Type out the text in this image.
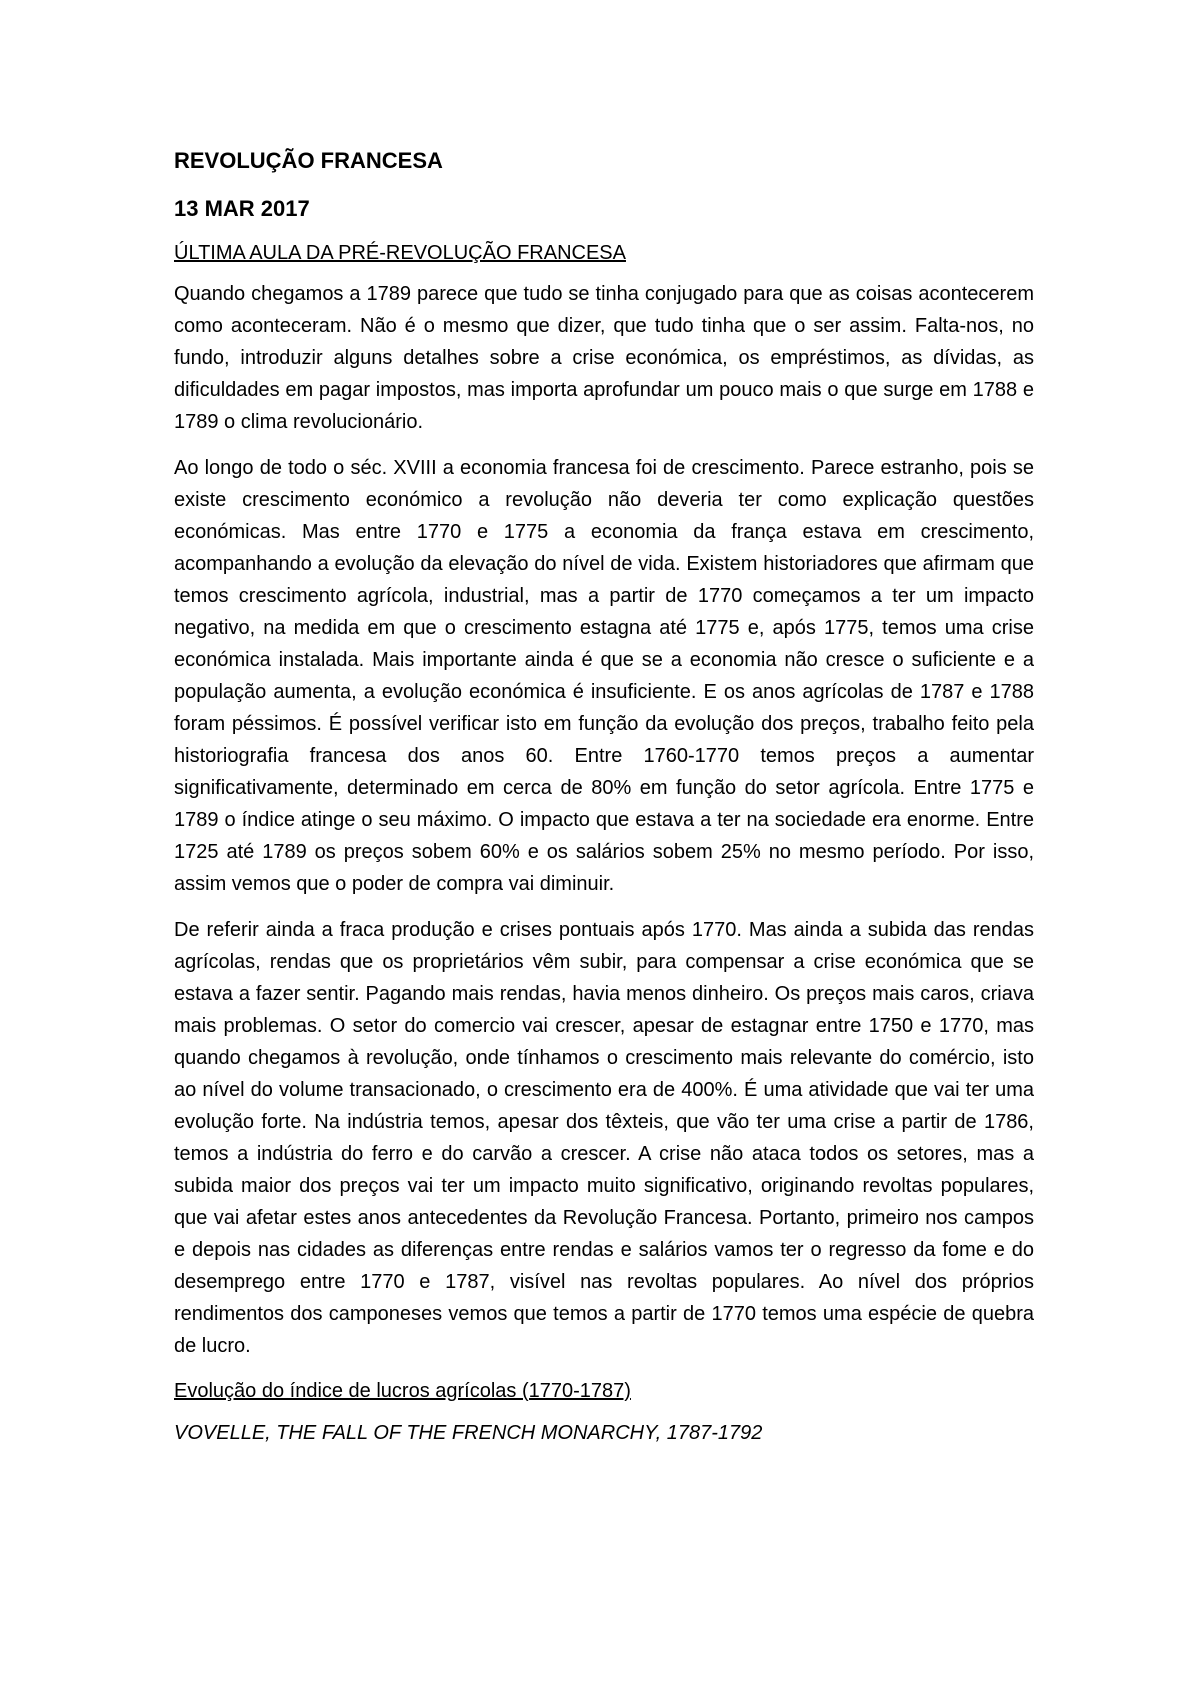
REVOLUÇÃO FRANCESA

13 MAR 2017

ÚLTIMA AULA DA PRÉ-REVOLUÇÃO FRANCESA

Quando chegamos a 1789 parece que tudo se tinha conjugado para que as coisas acontecerem como aconteceram. Não é o mesmo que dizer, que tudo tinha que o ser assim. Falta-nos, no fundo, introduzir alguns detalhes sobre a crise económica, os empréstimos, as dívidas, as dificuldades em pagar impostos, mas importa aprofundar um pouco mais o que surge em 1788 e 1789 o clima revolucionário.

Ao longo de todo o séc. XVIII a economia francesa foi de crescimento. Parece estranho, pois se existe crescimento económico a revolução não deveria ter como explicação questões económicas. Mas entre 1770 e 1775 a economia da frança estava em crescimento, acompanhando a evolução da elevação do nível de vida. Existem historiadores que afirmam que temos crescimento agrícola, industrial, mas a partir de 1770 começamos a ter um impacto negativo, na medida em que o crescimento estagna até 1775 e, após 1775, temos uma crise económica instalada. Mais importante ainda é que se a economia não cresce o suficiente e a população aumenta, a evolução económica é insuficiente. E os anos agrícolas de 1787 e 1788 foram péssimos. É possível verificar isto em função da evolução dos preços, trabalho feito pela historiografia francesa dos anos 60. Entre 1760-1770 temos preços a aumentar significativamente, determinado em cerca de 80% em função do setor agrícola. Entre 1775 e 1789 o índice atinge o seu máximo. O impacto que estava a ter na sociedade era enorme. Entre 1725 até 1789 os preços sobem 60% e os salários sobem 25% no mesmo período. Por isso, assim vemos que o poder de compra vai diminuir.

De referir ainda a fraca produção e crises pontuais após 1770. Mas ainda a subida das rendas agrícolas, rendas que os proprietários vêm subir, para compensar a crise económica que se estava a fazer sentir. Pagando mais rendas, havia menos dinheiro. Os preços mais caros, criava mais problemas. O setor do comercio vai crescer, apesar de estagnar entre 1750 e 1770, mas quando chegamos à revolução, onde tínhamos o crescimento mais relevante do comércio, isto ao nível do volume transacionado, o crescimento era de 400%. É uma atividade que vai ter uma evolução forte. Na indústria temos, apesar dos têxteis, que vão ter uma crise a partir de 1786, temos a indústria do ferro e do carvão a crescer. A crise não ataca todos os setores, mas a subida maior dos preços vai ter um impacto muito significativo, originando revoltas populares, que vai afetar estes anos antecedentes da Revolução Francesa. Portanto, primeiro nos campos e depois nas cidades as diferenças entre rendas e salários vamos ter o regresso da fome e do desemprego entre 1770 e 1787, visível nas revoltas populares. Ao nível dos próprios rendimentos dos camponeses vemos que temos a partir de 1770 temos uma espécie de quebra de lucro.

Evolução do índice de lucros agrícolas (1770-1787)

VOVELLE, THE FALL OF THE FRENCH MONARCHY, 1787-1792
